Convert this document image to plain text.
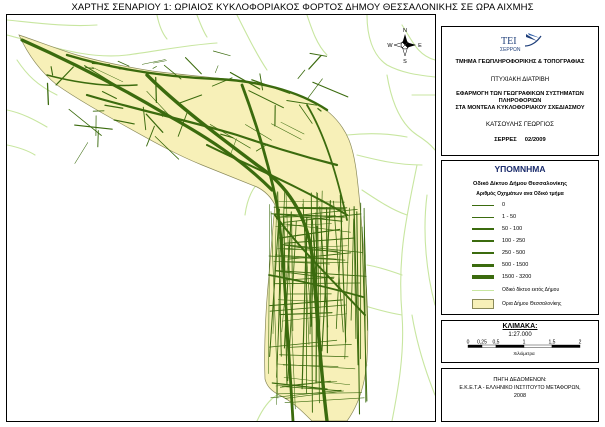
ΧΑΡΤΗΣ ΣΕΝΑΡΙΟΥ 1: ΩΡΙΑΙΟΣ ΚΥΚΛΟΦΟΡΙΑΚΟΣ ΦΟΡΤΟΣ ΔΗΜΟΥ ΘΕΣΣΑΛΟΝΙΚΗΣ ΣΕ ΩΡΑ ΑΙΧΜΗΣ
N
S
E
W	ΤΕΙ
ΣΕΡΡΩΝ
ΤΜΗΜΑ ΓΕΩΠΛΗΡΟΦΟΡΙΚΗΣ & ΤΟΠΟΓΡΑΦΙΑΣ
ΠΤΥΧΙΑΚΗ ΔΙΑΤΡΙΒΗ
ΕΦΑΡΜΟΓΗ ΤΩΝ ΓΕΩΓΡΑΦΙΚΩΝ ΣΥΣΤΗΜΑΤΩΝ
ΠΛΗΡΟΦΟΡΙΩΝ
ΣΤΑ ΜΟΝΤΕΛΑ ΚΥΚΛΟΦΟΡΙΑΚΟΥ ΣΧΕΔΙΑΣΜΟΥ
ΚΑΤΣΟΥΛΗΣ ΓΕΩΡΓΙΟΣ
ΣΕΡΡΕΣ 02/2009
ΥΠΟΜΝΗΜΑ
Οδικό Δίκτυο Δήμου Θεσσαλονίκης
Αριθμός Οχημάτων ανα Οδικό τμήμα
0
1 - 50
50 - 100
100 - 250
250 - 500
500 - 1500
1500 - 3200
Οδικό δίκτυο εκτός Δήμου
Ορια Δήμου Θεσσαλονίκης
ΚΛΙΜΑΚΑ:
1:27.000
0 0,25 0,5	1	1,5	2
Χιλιόμετρα
ΠΗΓΗ ΔΕΔΟΜΕΝΩΝ:
Ε.Κ.Ε.Τ.Α - ΕΛΛΗΝΙΚΟ ΙΝΣΤΙΤΟΥΤΟ ΜΕΤΑΦΟΡΩΝ,
2008
